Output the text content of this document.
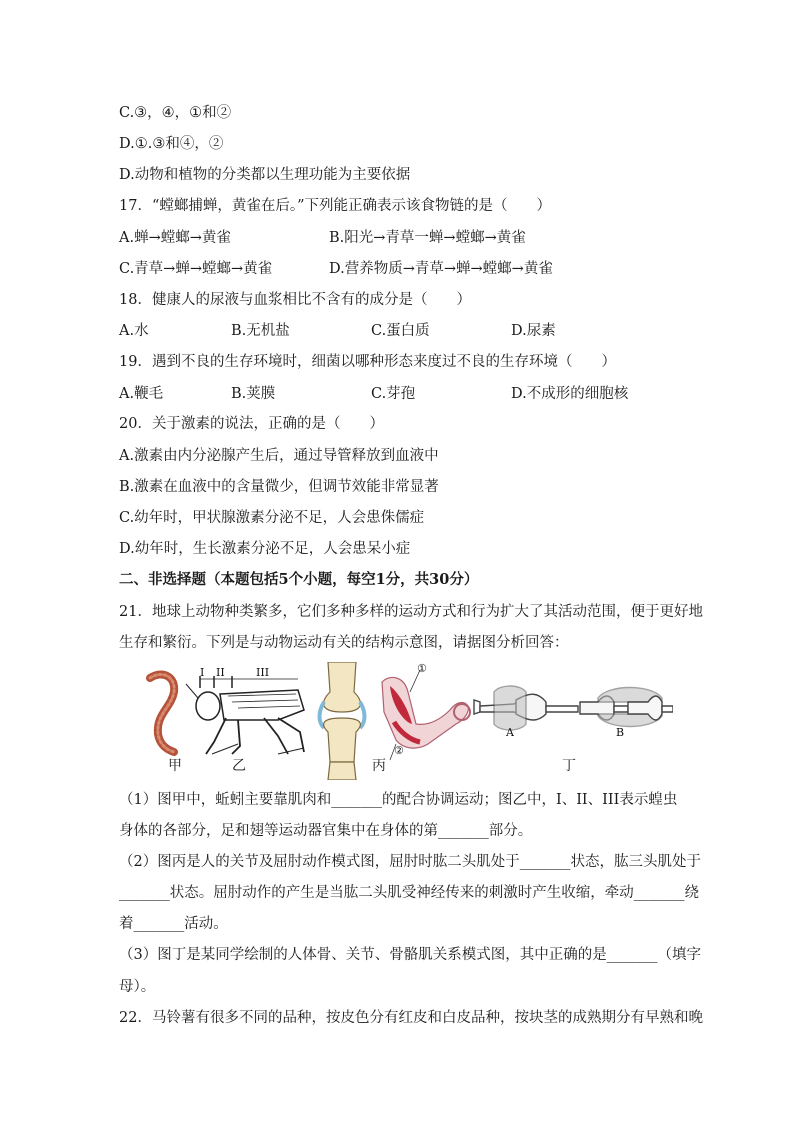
C.③，④，①和②
D.①.③和④，②
D.动物和植物的分类都以生理功能为主要依据
17．“螳螂捕蝉，黄雀在后。”下列能正确表示该食物链的是（　　）
A.蝉→螳螂→黄雀	B.阳光→青草一蝉→螳螂→黄雀
C.青草→蝉→螳螂→黄雀	D.营养物质→青草→蝉→螳螂→黄雀
18．健康人的尿液与血浆相比不含有的成分是（　　）
A.水	B.无机盐	C.蛋白质	D.尿素
19．遇到不良的生存环境时，细菌以哪种形态来度过不良的生存环境（　　）
A.鞭毛	B.荚膜	C.芽孢	D.不成形的细胞核
20．关于激素的说法，正确的是（　　）
A.激素由内分泌腺产生后，通过导管释放到血液中
B.激素在血液中的含量微少，但调节效能非常显著
C.幼年时，甲状腺激素分泌不足，人会患侏儒症
D.幼年时，生长激素分泌不足，人会患呆小症
二、非选择题（本题包括5个小题，每空1分，共30分）
21．地球上动物种类繁多，它们多种多样的运动方式和行为扩大了其活动范围，便于更好地
生存和繁衍。下列是与动物运动有关的结构示意图，请据图分析回答：
I II	III	①
②
A	B
甲	乙	丙	丁
（1）图甲中，蚯蚓主要靠肌肉和_______的配合协调运动；图乙中，I、II、III表示蝗虫
身体的各部分，足和翅等运动器官集中在身体的第_______部分。
（2）图丙是人的关节及屈肘动作模式图，屈肘时肱二头肌处于_______状态，肱三头肌处于
_______状态。屈肘动作的产生是当肱二头肌受神经传来的刺激时产生收缩，牵动_______绕
着_______活动。
（3）图丁是某同学绘制的人体骨、关节、骨骼肌关系模式图，其中正确的是_______（填字
母）。
22．马铃薯有很多不同的品种，按皮色分有红皮和白皮品种，按块茎的成熟期分有早熟和晚
